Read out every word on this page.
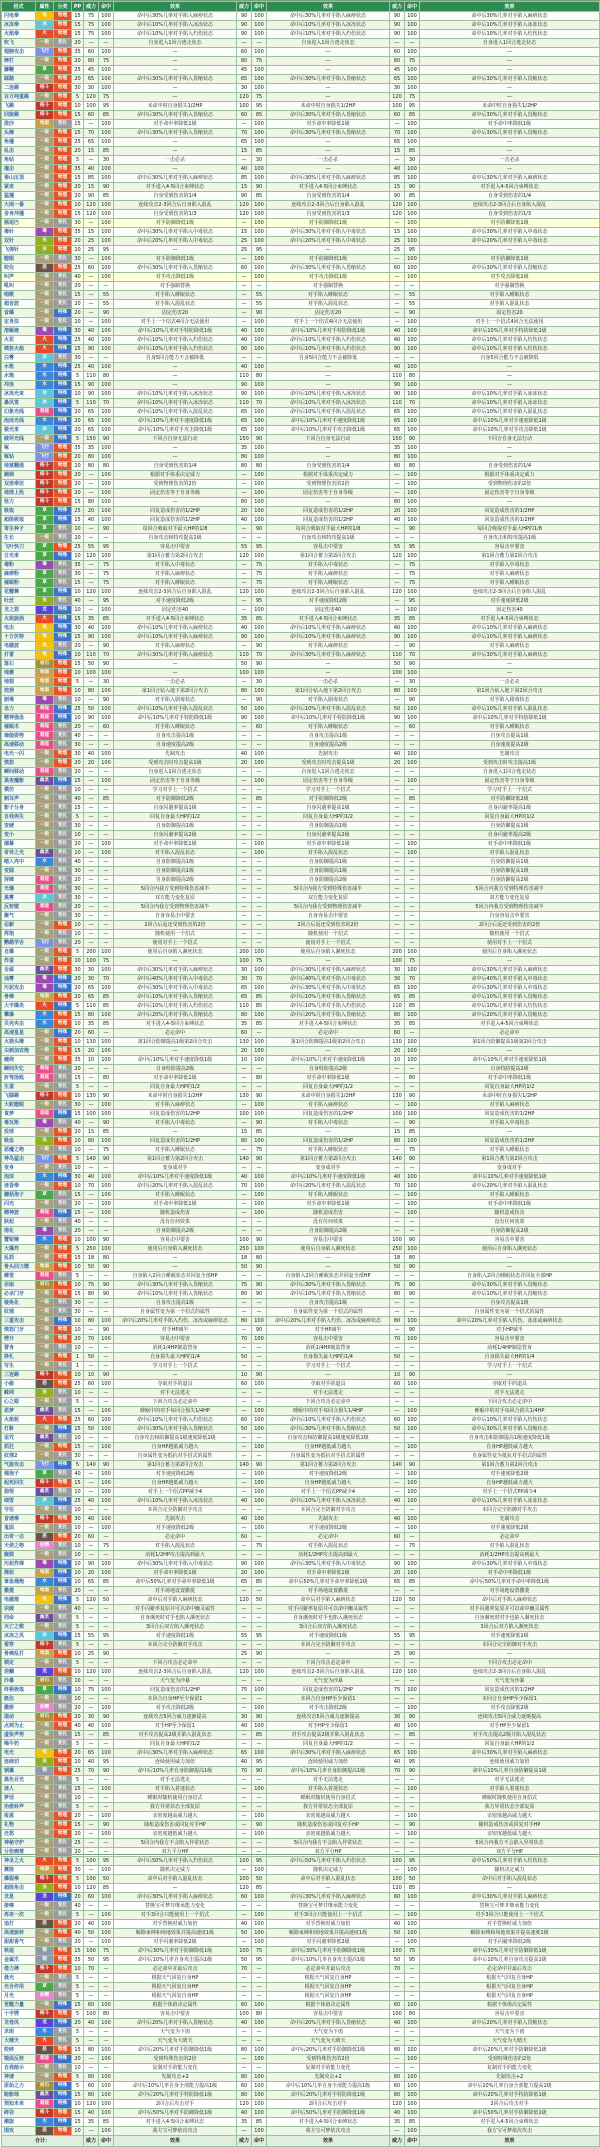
招式	属性	分类	PP	威力	命中	效果	威力	命中	效果	威力	命中	效果
闪电拳	电	物理	15	75	100	命中后30%几率对手陷入麻痹状态	90	100	命中后30%几率对手陷入麻痹状态	90	100	命中后30%几率对手陷入麻痹状态
冰冻拳	冰	物理	15	75	100	命中后10%几率对手陷入冰冻状态	90	100	命中后10%几率对手陷入冰冻状态	90	100	命中后10%几率对手陷入冰冻状态
火焰拳	火	物理	15	75	100	命中后10%几率对手陷入灼伤状态	90	100	命中后10%几率对手陷入灼伤状态	90	100	命中后10%几率对手陷入灼伤状态
吹飞	一般	变化	20	—	—	自身进入1回合逃走状态	—	—	自身进入1回合逃走状态	—	—	自身进入1回合逃走状态
翅膀攻击	飞行	物理	35	60	100	—	60	100	—	60	100	—
摔打	一般	物理	20	80	75	—	80	75	—	80	75	—
藤鞭	草	物理	25	45	100	—	45	100	—	45	100	—
踩踏	一般	物理	20	65	100	命中后30%几率对手陷入畏缩状态	65	100	命中后30%几率对手陷入畏缩状态	65	100	命中后30%几率对手陷入畏缩状态
二连踢	格斗	物理	30	30	100	—	30	100	—	30	100	—
百万吨重踢	一般	物理	5	120	75	—	120	75	—	120	75	—
飞踢	格斗	物理	10	100	95	未命中时自身损失1/2HP	100	95	未命中时自身损失1/2HP	100	95	未命中时自身损失1/2HP
回旋踢	格斗	物理	15	60	85	命中后30%几率对手陷入畏缩状态	60	85	命中后30%几率对手陷入畏缩状态	60	85	命中后30%几率对手陷入畏缩状态
泼沙	地面	变化	15	—	100	对手命中率降低1级	—	100	对手命中率降低1级	—	100	对手命中率降低1级
头锤	一般	物理	15	70	100	命中后30%几率对手陷入畏缩状态	70	100	命中后30%几率对手陷入畏缩状态	70	100	命中后30%几率对手陷入畏缩状态
角撞	一般	物理	25	65	100	—	65	100	—	65	100	—
乱击	一般	物理	20	15	85	—	15	85	—	15	85	—
角钻	一般	物理	5	—	30	一击必杀	—	30	一击必杀	—	30	一击必杀
撞击	一般	物理	35	40	100	—	40	100	—	40	100	—
泰山压顶	一般	物理	15	85	100	命中后30%几率对手陷入麻痹状态	85	100	命中后30%几率对手陷入麻痹状态	85	100	命中后30%几率对手陷入麻痹状态
紧束	一般	物理	20	15	90	对手进入4-5回合束缚状态	15	90	对手进入4-5回合束缚状态	15	90	对手进入4-5回合束缚状态
猛撞	一般	物理	20	90	85	自身受到伤害的1/4	90	85	自身受到伤害的1/4	90	85	自身受到伤害的1/4
大闹一番	一般	物理	10	120	100	连续攻击2-3回合后自身陷入混乱	120	100	连续攻击2-3回合后自身陷入混乱	120	100	连续攻击2-3回合后自身陷入混乱
舍身冲撞	一般	物理	15	120	100	自身受到伤害的1/3	120	100	自身受到伤害的1/3	120	100	自身受到伤害的1/3
摇尾巴	一般	变化	30	—	100	对手防御降低1级	—	100	对手防御降低1级	—	100	对手防御降低1级
毒针	毒	物理	35	15	100	命中后30%几率对手陷入中毒状态	15	100	命中后30%几率对手陷入中毒状态	15	100	命中后30%几率对手陷入中毒状态
双针	虫	物理	20	25	100	命中后20%几率对手陷入中毒状态	25	100	命中后20%几率对手陷入中毒状态	25	100	命中后20%几率对手陷入中毒状态
飞弹针	虫	物理	20	25	95	—	25	95	—	25	95	—
瞪眼	一般	变化	30	—	100	对手防御降低1级	—	100	对手防御降低1级	—	100	对手防御降低1级
咬住	恶	物理	25	60	100	命中后30%几率对手陷入畏缩状态	60	100	命中后30%几率对手陷入畏缩状态	60	100	命中后30%几率对手陷入畏缩状态
叫声	一般	变化	40	—	100	对手攻击降低1级	—	100	对手攻击降低1级	—	100	对手攻击降低1级
吼叫	一般	变化	20	—	—	对手强制替换	—	—	对手强制替换	—	—	对手强制替换
唱歌	一般	变化	15	—	55	对手陷入睡眠状态	—	55	对手陷入睡眠状态	—	55	对手陷入睡眠状态
超音波	一般	变化	20	—	55	对手陷入混乱状态	—	55	对手陷入混乱状态	—	55	对手陷入混乱状态
音爆	一般	特殊	20	—	90	固定伤害20	—	90	固定伤害20	—	90	固定伤害20
定身法	一般	变化	20	—	100	对手上一个招式4回合无法使用	—	100	对手上一个招式4回合无法使用	—	100	对手上一个招式4回合无法使用
溶解液	毒	特殊	30	40	100	命中后10%几率对手特防降低1级	40	100	命中后10%几率对手特防降低1级	40	100	命中后10%几率对手特防降低1级
火花	火	特殊	25	40	100	命中后10%几率对手陷入灼伤状态	40	100	命中后10%几率对手陷入灼伤状态	40	100	命中后10%几率对手陷入灼伤状态
喷射火焰	火	特殊	15	90	100	命中后10%几率对手陷入灼伤状态	90	100	命中后10%几率对手陷入灼伤状态	90	100	命中后10%几率对手陷入灼伤状态
白雾	冰	变化	30	—	—	自身5回合能力不会被降低	—	—	自身5回合能力不会被降低	—	—	自身5回合能力不会被降低
水枪	水	特殊	25	40	100	—	40	100	—	40	100	—
水炮	水	特殊	5	110	80	—	110	80	—	110	80	—
冲浪	水	特殊	15	90	100	—	90	100	—	90	100	—
冰冻光束	冰	特殊	10	90	100	命中后10%几率对手陷入冰冻状态	90	100	命中后10%几率对手陷入冰冻状态	90	100	命中后10%几率对手陷入冰冻状态
暴风雪	冰	特殊	5	110	70	命中后10%几率对手陷入冰冻状态	110	70	命中后10%几率对手陷入冰冻状态	110	70	命中后10%几率对手陷入冰冻状态
幻象光线	超能	特殊	20	65	100	命中后10%几率对手陷入混乱状态	65	100	命中后10%几率对手陷入混乱状态	65	100	命中后10%几率对手陷入混乱状态
泡沫光线	水	特殊	20	65	100	命中后10%几率对手速度降低1级	65	100	命中后10%几率对手速度降低1级	65	100	命中后10%几率对手速度降低1级
极光束	冰	特殊	20	65	100	命中后10%几率对手攻击降低1级	65	100	命中后10%几率对手攻击降低1级	65	100	命中后10%几率对手攻击降低1级
破坏光线	一般	特殊	5	150	90	下回合自身无法行动	150	90	下回合自身无法行动	150	90	下回合自身无法行动
啄	飞行	物理	35	35	100	—	35	100	—	35	100	—
啄钻	飞行	物理	20	80	100	—	80	100	—	80	100	—
地狱翻滚	格斗	物理	20	80	80	自身受到伤害的1/4	80	80	自身受到伤害的1/4	80	80	自身受到伤害的1/4
踢倒	格斗	物理	20	—	100	根据对手体重决定威力	—	100	根据对手体重决定威力	—	100	根据对手体重决定威力
双倍奉还	格斗	物理	20	—	100	受到物理伤害的2倍	—	100	受到物理伤害的2倍	—	100	受到物理伤害的2倍
地球上投	格斗	物理	20	—	100	固定伤害等于自身等级	—	100	固定伤害等于自身等级	—	100	固定伤害等于自身等级
怪力	格斗	物理	15	80	100	—	80	100	—	80	100	—
吸取	草	特殊	25	20	100	回复造成伤害的1/2HP	20	100	回复造成伤害的1/2HP	20	100	回复造成伤害的1/2HP
超级吸取	草	特殊	15	40	100	回复造成伤害的1/2HP	40	100	回复造成伤害的1/2HP	40	100	回复造成伤害的1/2HP
寄生种子	草	变化	10	—	90	每回合吸取对手最大HP的1/8	—	90	每回合吸取对手最大HP的1/8	—	90	每回合吸取对手最大HP的1/8
生长	一般	变化	20	—	—	自身攻击和特攻提高1级	—	—	自身攻击和特攻提高1级	—	—	自身攻击和特攻提高1级
飞叶快刀	草	物理	25	55	95	容易击中要害	55	95	容易击中要害	55	95	容易击中要害
日光束	草	特殊	10	120	100	第1回合蓄力第2回合攻击	120	100	第1回合蓄力第2回合攻击	120	100	第1回合蓄力第2回合攻击
毒粉	毒	变化	35	—	75	对手陷入中毒状态	—	75	对手陷入中毒状态	—	75	对手陷入中毒状态
麻痹粉	草	变化	30	—	75	对手陷入麻痹状态	—	75	对手陷入麻痹状态	—	75	对手陷入麻痹状态
催眠粉	草	变化	15	—	75	对手陷入睡眠状态	—	75	对手陷入睡眠状态	—	75	对手陷入睡眠状态
花瓣舞	草	特殊	10	120	100	连续攻击2-3回合后自身陷入混乱	120	100	连续攻击2-3回合后自身陷入混乱	120	100	连续攻击2-3回合后自身陷入混乱
吐丝	虫	变化	40	—	95	对手速度降低2级	—	95	对手速度降低2级	—	95	对手速度降低2级
龙之怒	龙	特殊	10	—	100	固定伤害40	—	100	固定伤害40	—	100	固定伤害40
火焰旋涡	火	特殊	15	35	85	对手进入4-5回合束缚状态	35	85	对手进入4-5回合束缚状态	35	85	对手进入4-5回合束缚状态
电击	电	特殊	30	40	100	命中后10%几率对手陷入麻痹状态	40	100	命中后10%几率对手陷入麻痹状态	40	100	命中后10%几率对手陷入麻痹状态
十万伏特	电	特殊	15	90	100	命中后10%几率对手陷入麻痹状态	90	100	命中后10%几率对手陷入麻痹状态	90	100	命中后10%几率对手陷入麻痹状态
电磁波	电	变化	20	—	90	对手陷入麻痹状态	—	90	对手陷入麻痹状态	—	90	对手陷入麻痹状态
打雷	电	特殊	10	110	70	命中后30%几率对手陷入麻痹状态	110	70	命中后30%几率对手陷入麻痹状态	110	70	命中后30%几率对手陷入麻痹状态
落石	岩石	物理	15	50	90	—	50	90	—	50	90	—
地震	地面	物理	10	100	100	—	100	100	—	100	100	—
地裂	地面	物理	5	—	30	一击必杀	—	30	一击必杀	—	30	一击必杀
挖洞	地面	物理	10	80	100	第1回合钻入地下第2回合攻击	80	100	第1回合钻入地下第2回合攻击	80	100	第1回合钻入地下第2回合攻击
剧毒	毒	变化	10	—	90	对手陷入剧毒状态	—	90	对手陷入剧毒状态	—	90	对手陷入剧毒状态
念力	超能	特殊	25	50	100	命中后10%几率对手陷入混乱状态	50	100	命中后10%几率对手陷入混乱状态	50	100	命中后10%几率对手陷入混乱状态
精神强念	超能	特殊	10	90	100	命中后10%几率对手特防降低1级	90	100	命中后10%几率对手特防降低1级	90	100	命中后10%几率对手特防降低1级
催眠术	超能	变化	20	—	60	对手陷入睡眠状态	—	60	对手陷入睡眠状态	—	60	对手陷入睡眠状态
瑜伽姿势	超能	变化	40	—	—	自身攻击提高1级	—	—	自身攻击提高1级	—	—	自身攻击提高1级
高速移动	超能	变化	30	—	—	自身速度提高2级	—	—	自身速度提高2级	—	—	自身速度提高2级
电光一闪	一般	物理	30	40	100	先制攻击	40	100	先制攻击	40	100	先制攻击
愤怒	一般	物理	20	20	100	受到攻击时攻击提高1级	20	100	受到攻击时攻击提高1级	20	100	受到攻击时攻击提高1级
瞬间移动	超能	变化	20	—	—	自身进入1回合逃走状态	—	—	自身进入1回合逃走状态	—	—	自身进入1回合逃走状态
黑夜魔影	幽灵	特殊	15	—	100	固定伤害等于自身等级	—	100	固定伤害等于自身等级	—	100	固定伤害等于自身等级
模仿	一般	变化	10	—	—	学习对手上一个招式	—	—	学习对手上一个招式	—	—	学习对手上一个招式
刺耳声	一般	变化	40	—	85	对手防御降低2级	—	85	对手防御降低2级	—	85	对手防御降低2级
影子分身	一般	变化	15	—	—	自身闪避率提高1级	—	—	自身闪避率提高1级	—	—	自身闪避率提高1级
自我再生	一般	变化	5	—	—	回复自身最大HP的1/2	—	—	回复自身最大HP的1/2	—	—	回复自身最大HP的1/2
变硬	一般	变化	30	—	—	自身防御提高1级	—	—	自身防御提高1级	—	—	自身防御提高1级
变小	一般	变化	10	—	—	自身闪避率提高2级	—	—	自身闪避率提高2级	—	—	自身闪避率提高2级
烟幕	一般	变化	20	—	100	对手命中率降低1级	—	100	对手命中率降低1级	—	100	对手命中率降低1级
奇异之光	幽灵	变化	10	—	100	对手陷入混乱状态	—	100	对手陷入混乱状态	—	100	对手陷入混乱状态
缩入壳中	水	变化	40	—	—	自身防御提高1级	—	—	自身防御提高1级	—	—	自身防御提高1级
变圆	一般	变化	30	—	—	自身防御提高1级	—	—	自身防御提高1级	—	—	自身防御提高1级
屏障	超能	变化	20	—	—	自身防御提高2级	—	—	自身防御提高2级	—	—	自身防御提高2级
光墙	超能	变化	30	—	—	5回合内我方受到特殊伤害减半	—	—	5回合内我方受到特殊伤害减半	—	—	5回合内我方受到特殊伤害减半
黑雾	冰	变化	30	—	—	双方能力变化复原	—	—	双方能力变化复原	—	—	双方能力变化复原
反射壁	超能	变化	20	—	—	5回合内我方受到物理伤害减半	—	—	5回合内我方受到物理伤害减半	—	—	5回合内我方受到物理伤害减半
聚气	一般	变化	30	—	—	自身容易击中要害	—	—	自身容易击中要害	—	—	自身容易击中要害
忍耐	一般	物理	10	—	—	2回合后返还受到伤害的2倍	—	—	2回合后返还受到伤害的2倍	—	—	2回合后返还受到伤害的2倍
挥指	一般	变化	10	—	—	随机使用一个招式	—	—	随机使用一个招式	—	—	随机使用一个招式
鹦鹉学舌	飞行	变化	20	—	—	使用对手上一个招式	—	—	使用对手上一个招式	—	—	使用对手上一个招式
自爆	一般	物理	5	200	100	使用后自身陷入濒死状态	200	100	使用后自身陷入濒死状态	200	100	使用后自身陷入濒死状态
炸蛋	一般	物理	10	100	75	—	100	75	—	100	75	—
舌舔	幽灵	物理	30	30	100	命中后30%几率对手陷入麻痹状态	30	100	命中后30%几率对手陷入麻痹状态	30	100	命中后30%几率对手陷入麻痹状态
浊雾	毒	特殊	20	30	70	命中后40%几率对手陷入中毒状态	30	70	命中后40%几率对手陷入中毒状态	30	70	命中后40%几率对手陷入中毒状态
污泥攻击	毒	特殊	20	65	100	命中后30%几率对手陷入中毒状态	65	100	命中后30%几率对手陷入中毒状态	65	100	命中后30%几率对手陷入中毒状态
骨棒	地面	物理	20	65	85	命中后10%几率对手陷入畏缩状态	65	85	命中后10%几率对手陷入畏缩状态	65	85	命中后10%几率对手陷入畏缩状态
大字爆炎	火	特殊	5	110	85	命中后10%几率对手陷入灼伤状态	110	85	命中后10%几率对手陷入灼伤状态	110	85	命中后10%几率对手陷入灼伤状态
攀瀑	水	物理	15	80	100	命中后20%几率对手陷入畏缩状态	80	100	命中后20%几率对手陷入畏缩状态	80	100	命中后20%几率对手陷入畏缩状态
贝壳夹击	水	物理	10	35	85	对手进入4-5回合束缚状态	35	85	对手进入4-5回合束缚状态	35	85	对手进入4-5回合束缚状态
高速星星	一般	特殊	20	60	—	必定命中	60	—	必定命中	60	—	必定命中
火箭头锤	一般	物理	10	130	100	第1回合防御提高1级第2回合攻击	130	100	第1回合防御提高1级第2回合攻击	130	100	第1回合防御提高1级第2回合攻击
尖刺加农炮	一般	物理	15	20	100	—	20	100	—	20	100	—
缠绕	一般	物理	35	10	100	命中后10%几率对手速度降低1级	10	100	命中后10%几率对手速度降低1级	10	100	命中后10%几率对手速度降低1级
瞬间失忆	超能	变化	20	—	—	自身特防提高2级	—	—	自身特防提高2级	—	—	自身特防提高2级
折弯汤匙	超能	变化	15	—	80	对手命中率降低1级	—	80	对手命中率降低1级	—	80	对手命中率降低1级
生蛋	一般	变化	5	—	—	回复自身最大HP的1/2	—	—	回复自身最大HP的1/2	—	—	回复自身最大HP的1/2
飞膝踢	格斗	物理	10	130	90	未命中时自身损失1/2HP	130	90	未命中时自身损失1/2HP	130	90	未命中时自身损失1/2HP
大蛇瞪眼	一般	变化	30	—	100	对手陷入麻痹状态	—	100	对手陷入麻痹状态	—	100	对手陷入麻痹状态
食梦	超能	特殊	15	100	100	回复造成伤害的1/2HP	100	100	回复造成伤害的1/2HP	100	100	回复造成伤害的1/2HP
毒瓦斯	毒	变化	40	—	90	对手陷入中毒状态	—	90	对手陷入中毒状态	—	90	对手陷入中毒状态
投球	一般	物理	20	15	85	—	15	85	—	15	85	—
吸血	虫	物理	10	80	100	回复造成伤害的1/2HP	80	100	回复造成伤害的1/2HP	80	100	回复造成伤害的1/2HP
恶魔之吻	一般	变化	10	—	75	对手陷入睡眠状态	—	75	对手陷入睡眠状态	—	75	对手陷入睡眠状态
神鸟猛击	飞行	物理	5	140	90	第1回合蓄力第2回合攻击	140	90	第1回合蓄力第2回合攻击	140	90	第1回合蓄力第2回合攻击
变身	一般	变化	10	—	—	变身成对手	—	—	变身成对手	—	—	变身成对手
泡沫	水	特殊	30	40	100	命中后10%几率对手速度降低1级	40	100	命中后10%几率对手速度降低1级	40	100	命中后10%几率对手速度降低1级
迷昏拳	一般	物理	10	70	100	命中后20%几率对手陷入混乱状态	70	100	命中后20%几率对手陷入混乱状态	70	100	命中后20%几率对手陷入混乱状态
蘑菇孢子	草	变化	15	—	100	对手陷入睡眠状态	—	100	对手陷入睡眠状态	—	100	对手陷入睡眠状态
闪光	一般	变化	20	—	100	对手命中率降低1级	—	100	对手命中率降低1级	—	100	对手命中率降低1级
精神波	超能	特殊	15	—	100	随机造成伤害	—	100	随机造成伤害	—	100	随机造成伤害
跃起	一般	变化	40	—	—	没有任何效果	—	—	没有任何效果	—	—	没有任何效果
溶化	毒	变化	20	—	—	自身防御提高2级	—	—	自身防御提高2级	—	—	自身防御提高2级
蟹钳锤	水	物理	10	100	90	容易击中要害	100	90	容易击中要害	100	90	容易击中要害
大爆炸	一般	物理	5	250	100	使用后自身陷入濒死状态	250	100	使用后自身陷入濒死状态	250	100	使用后自身陷入濒死状态
乱抓	一般	物理	15	18	80	—	18	80	—	18	80	—
骨头回力镖	地面	物理	10	50	90	—	50	90	—	50	90	—
睡觉	超能	变化	5	—	—	自身陷入2回合睡眠状态并回复全部HP	—	—	自身陷入2回合睡眠状态并回复全部HP	—	—	自身陷入2回合睡眠状态并回复全部HP
岩崩	岩石	物理	10	75	90	命中后30%几率对手陷入畏缩状态	75	90	命中后30%几率对手陷入畏缩状态	75	90	命中后30%几率对手陷入畏缩状态
必杀门牙	一般	物理	15	80	90	命中后10%几率对手陷入畏缩状态	80	90	命中后10%几率对手陷入畏缩状态	80	90	命中后10%几率对手陷入畏缩状态
棱角化	一般	变化	30	—	—	自身攻击提高1级	—	—	自身攻击提高1级	—	—	自身攻击提高1级
纹理	一般	变化	30	—	—	自身属性变为第一个招式的属性	—	—	自身属性变为第一个招式的属性	—	—	自身属性变为第一个招式的属性
三重攻击	一般	特殊	10	80	100	命中后20%几率对手陷入灼伤、冰冻或麻痹状态	80	100	命中后20%几率对手陷入灼伤、冰冻或麻痹状态	80	100	命中后20%几率对手陷入灼伤、冰冻或麻痹状态
愤怒门牙	一般	物理	10	—	90	对手HP减半	—	90	对手HP减半	—	90	对手HP减半
劈开	一般	物理	20	70	100	容易击中要害	70	100	容易击中要害	70	100	容易击中要害
替身	一般	变化	10	—	—	消耗1/4HP制造替身	—	—	消耗1/4HP制造替身	—	—	消耗1/4HP制造替身
挣扎	一般	物理	1	50	—	自身损失最大HP的1/4	50	—	自身损失最大HP的1/4	50	—	自身损失最大HP的1/4
写生	一般	变化	1	—	—	学习对手上一个招式	—	—	学习对手上一个招式	—	—	学习对手上一个招式
三连踢	格斗	物理	10	10	90	—	10	90	—	10	90	—
小偷	恶	物理	25	60	100	夺取对手的道具	60	100	夺取对手的道具	60	100	夺取对手的道具
蛛网	虫	变化	10	—	—	对手无法逃走	—	—	对手无法逃走	—	—	对手无法逃走
心之眼	一般	变化	5	—	—	下回合攻击必定命中	—	—	下回合攻击必定命中	—	—	下回合攻击必定命中
恶梦	幽灵	变化	15	—	100	睡眠中的对手每回合损失1/4HP	—	100	睡眠中的对手每回合损失1/4HP	—	100	睡眠中的对手每回合损失1/4HP
火焰轮	火	物理	25	60	100	命中后10%几率对手陷入灼伤状态	60	100	命中后10%几率对手陷入灼伤状态	60	100	命中后10%几率对手陷入灼伤状态
打鼾	一般	特殊	15	50	100	命中后30%几率对手陷入畏缩状态	50	100	命中后30%几率对手陷入畏缩状态	50	100	命中后30%几率对手陷入畏缩状态
诅咒	幽灵	变化	10	—	—	自身攻击和防御提高1级速度降低1级	—	—	自身攻击和防御提高1级速度降低1级	—	—	自身攻击和防御提高1级速度降低1级
抓狂	一般	物理	15	—	100	自身HP越低威力越大	—	100	自身HP越低威力越大	—	100	自身HP越低威力越大
纹理2	一般	变化	30	—	—	自身属性变为抵抗对手招式的属性	—	—	自身属性变为抵抗对手招式的属性	—	—	自身属性变为抵抗对手招式的属性
气旋攻击	飞行	特殊	5	140	90	第1回合蓄力第2回合攻击	140	90	第1回合蓄力第2回合攻击	140	90	第1回合蓄力第2回合攻击
棉孢子	草	变化	40	—	100	对手速度降低2级	—	100	对手速度降低2级	—	100	对手速度降低2级
起死回生	格斗	物理	15	—	100	自身HP越低威力越大	—	100	自身HP越低威力越大	—	100	自身HP越低威力越大
怨恨	幽灵	变化	10	—	100	对手上一个招式PP减少4	—	100	对手上一个招式PP减少4	—	100	对手上一个招式PP减少4
细雪	冰	特殊	25	40	100	命中后10%几率对手陷入冰冻状态	40	100	命中后10%几率对手陷入冰冻状态	40	100	命中后10%几率对手陷入冰冻状态
守住	一般	变化	10	—	—	本回合完全防御对手攻击	—	—	本回合完全防御对手攻击	—	—	本回合完全防御对手攻击
音速拳	格斗	物理	30	40	100	先制攻击	40	100	先制攻击	40	100	先制攻击
鬼面	一般	变化	10	—	100	对手速度降低2级	—	100	对手速度降低2级	—	100	对手速度降低2级
出奇一击	恶	物理	20	60	—	必定命中	60	—	必定命中	60	—	必定命中
天使之吻	妖精	变化	10	—	75	对手陷入混乱状态	—	75	对手陷入混乱状态	—	75	对手陷入混乱状态
腹鼓	一般	变化	10	—	—	消耗1/2HP攻击提高到最大	—	—	消耗1/2HP攻击提高到最大	—	—	消耗1/2HP攻击提高到最大
污泥炸弹	毒	特殊	10	90	100	命中后30%几率对手陷入中毒状态	90	100	命中后30%几率对手陷入中毒状态	90	100	命中后30%几率对手陷入中毒状态
掷泥	地面	特殊	10	20	100	对手命中率降低1级	20	100	对手命中率降低1级	20	100	对手命中率降低1级
章鱼桶炮	水	特殊	10	65	85	命中后50%几率对手命中率降低1级	65	85	命中后50%几率对手命中率降低1级	65	85	命中后50%几率对手命中率降低1级
撒菱	地面	变化	20	—	—	对手场地设置撒菱	—	—	对手场地设置撒菱	—	—	对手场地设置撒菱
电磁炮	电	特殊	5	120	50	命中后对手陷入麻痹状态	120	50	命中后对手陷入麻痹状态	120	50	命中后对手陷入麻痹状态
识破	一般	变化	40	—	—	对手闪避率复原并可以命中幽灵属性	—	—	对手闪避率复原并可以命中幽灵属性	—	—	对手闪避率复原并可以命中幽灵属性
同命	幽灵	变化	5	—	—	自身濒死时对手也陷入濒死状态	—	—	自身濒死时对手也陷入濒死状态	—	—	自身濒死时对手也陷入濒死状态
灭亡之歌	一般	变化	5	—	—	3回合后双方陷入濒死状态	—	—	3回合后双方陷入濒死状态	—	—	3回合后双方陷入濒死状态
冰冻之风	冰	特殊	15	55	95	对手速度降低1级	55	95	对手速度降低1级	55	95	对手速度降低1级
看穿	格斗	变化	5	—	—	本回合完全防御对手攻击	—	—	本回合完全防御对手攻击	—	—	本回合完全防御对手攻击
骨棒乱打	地面	物理	10	25	90	—	25	90	—	25	90	—
锁定	一般	变化	5	—	—	下回合攻击必定命中	—	—	下回合攻击必定命中	—	—	下回合攻击必定命中
逆鳞	龙	物理	10	120	100	连续攻击2-3回合后自身陷入混乱	120	100	连续攻击2-3回合后自身陷入混乱	120	100	连续攻击2-3回合后自身陷入混乱
沙暴	岩石	变化	10	—	—	天气变为沙暴	—	—	天气变为沙暴	—	—	天气变为沙暴
终极吸取	草	特殊	10	75	100	回复造成伤害的1/2HP	75	100	回复造成伤害的1/2HP	75	100	回复造成伤害的1/2HP
挺住	一般	变化	10	—	—	本回合自身HP至少保留1	—	—	本回合自身HP至少保留1	—	—	本回合自身HP至少保留1
撒娇	妖精	变化	20	—	100	对手攻击降低2级	—	100	对手攻击降低2级	—	100	对手攻击降低2级
滚动	岩石	物理	20	30	90	连续攻击5回合威力逐渐提高	30	90	连续攻击5回合威力逐渐提高	30	90	连续攻击5回合威力逐渐提高
点到为止	一般	物理	40	40	100	对手HP至少保留1	40	100	对手HP至少保留1	40	100	对手HP至少保留1
虚张声势	一般	变化	15	—	85	对手攻击提高2级并陷入混乱状态	—	85	对手攻击提高2级并陷入混乱状态	—	85	对手攻击提高2级并陷入混乱状态
喝牛奶	一般	变化	5	—	—	回复自身最大HP的1/2	—	—	回复自身最大HP的1/2	—	—	回复自身最大HP的1/2
电光	电	物理	20	65	100	命中后30%几率对手陷入麻痹状态	65	100	命中后30%几率对手陷入麻痹状态	65	100	命中后30%几率对手陷入麻痹状态
连续切	虫	物理	20	40	95	连续使用威力加倍	40	95	连续使用威力加倍	40	95	连续使用威力加倍
钢翼	钢	物理	25	70	90	命中后10%几率自身防御提高1级	70	90	命中后10%几率自身防御提高1级	70	90	命中后10%几率自身防御提高1级
黑色目光	一般	变化	5	—	—	对手无法逃走	—	—	对手无法逃走	—	—	对手无法逃走
迷人	一般	变化	15	—	100	对手陷入着迷状态	—	100	对手陷入着迷状态	—	100	对手陷入着迷状态
梦话	一般	变化	10	—	—	睡眠时随机使用自身招式	—	—	睡眠时随机使用自身招式	—	—	睡眠时随机使用自身招式
治愈铃声	一般	变化	5	—	—	我方异常状态全部复原	—	—	我方异常状态全部复原	—	—	我方异常状态全部复原
报恩	一般	物理	20	—	100	亲密度越高威力越大	—	100	亲密度越高威力越大	—	100	亲密度越高威力越大
礼物	一般	物理	15	—	90	随机造成伤害或回复对手HP	—	90	随机造成伤害或回复对手HP	—	90	随机造成伤害或回复对手HP
迁怒	一般	物理	20	—	100	亲密度越低威力越大	—	100	亲密度越低威力越大	—	100	亲密度越低威力越大
神秘守护	一般	变化	25	—	—	5回合内我方不会陷入异常状态	—	—	5回合内我方不会陷入异常状态	—	—	5回合内我方不会陷入异常状态
分担痛楚	一般	变化	20	—	—	双方平分HP	—	—	双方平分HP	—	—	双方平分HP
神圣之火	火	物理	5	100	95	命中后50%几率对手陷入灼伤状态	100	95	命中后50%几率对手陷入灼伤状态	100	95	命中后50%几率对手陷入灼伤状态
震级	地面	物理	30	—	100	随机决定威力	—	100	随机决定威力	—	100	随机决定威力
爆裂拳	格斗	物理	5	100	50	命中后对手陷入混乱状态	100	50	命中后对手陷入混乱状态	100	50	命中后对手陷入混乱状态
超级角击	虫	物理	10	120	85	—	120	85	—	120	85	—
龙息	龙	特殊	20	60	100	命中后30%几率对手陷入麻痹状态	60	100	命中后30%几率对手陷入麻痹状态	60	100	命中后30%几率对手陷入麻痹状态
接棒	一般	变化	40	—	—	替换宝可梦并继承能力变化	—	—	替换宝可梦并继承能力变化	—	—	替换宝可梦并继承能力变化
再来一次	一般	变化	5	—	100	对手3回合只能使用上一个招式	—	100	对手3回合只能使用上一个招式	—	100	对手3回合只能使用上一个招式
追打	恶	物理	20	40	100	对手替换时威力加倍	40	100	对手替换时威力加倍	40	100	对手替换时威力加倍
高速旋转	一般	物理	40	50	100	解除束缚和场地效果并提高速度1级	50	100	解除束缚和场地效果并提高速度1级	50	100	解除束缚和场地效果并提高速度1级
甜甜香气	一般	变化	20	—	100	对手闪避率降低2级	—	100	对手闪避率降低2级	—	100	对手闪避率降低2级
铁尾	钢	物理	15	100	75	命中后30%几率对手防御降低1级	100	75	命中后30%几率对手防御降低1级	100	75	命中后30%几率对手防御降低1级
金属爪	钢	物理	35	50	95	命中后10%几率自身攻击提高1级	50	95	命中后10%几率自身攻击提高1级	50	95	命中后10%几率自身攻击提高1级
借力摔	格斗	物理	10	70	—	必定命中并最后攻击	70	—	必定命中并最后攻击	70	—	必定命中并最后攻击
晨光	一般	变化	5	—	—	根据天气回复自身HP	—	—	根据天气回复自身HP	—	—	根据天气回复自身HP
光合作用	草	变化	5	—	—	根据天气回复自身HP	—	—	根据天气回复自身HP	—	—	根据天气回复自身HP
月光	妖精	变化	5	—	—	根据天气回复自身HP	—	—	根据天气回复自身HP	—	—	根据天气回复自身HP
觉醒力量	一般	特殊	15	60	100	根据个体值决定属性	60	100	根据个体值决定属性	60	100	根据个体值决定属性
十字劈	格斗	物理	5	100	80	容易击中要害	100	80	容易击中要害	100	80	容易击中要害
龙卷风	龙	特殊	20	40	100	命中后20%几率对手陷入畏缩状态	40	100	命中后20%几率对手陷入畏缩状态	40	100	命中后20%几率对手陷入畏缩状态
求雨	水	变化	5	—	—	天气变为下雨	—	—	天气变为下雨	—	—	天气变为下雨
大晴天	火	变化	5	—	—	天气变为大晴天	—	—	天气变为大晴天	—	—	天气变为大晴天
咬碎	恶	物理	15	80	100	命中后20%几率对手防御降低1级	80	100	命中后20%几率对手防御降低1级	80	100	命中后20%几率对手防御降低1级
镜面反射	超能	特殊	20	—	100	受到特殊伤害的2倍	—	100	受到特殊伤害的2倍	—	100	受到特殊伤害的2倍
自我暗示	一般	变化	10	—	—	复制对手的能力变化	—	—	复制对手的能力变化	—	—	复制对手的能力变化
神速	一般	物理	5	80	100	先制攻击+2	80	100	先制攻击+2	80	100	先制攻击+2
原始之力	岩石	特殊	5	60	100	命中后10%几率自身全部能力提高1级	60	100	命中后10%几率自身全部能力提高1级	60	100	命中后10%几率自身全部能力提高1级
暗影球	幽灵	特殊	15	80	100	命中后20%几率对手特防降低1级	80	100	命中后20%几率对手特防降低1级	80	100	命中后20%几率对手特防降低1级
预知未来	超能	特殊	10	120	100	2回合后攻击对手	120	100	2回合后攻击对手	120	100	2回合后攻击对手
碎岩	格斗	物理	15	40	100	命中后50%几率对手防御降低1级	40	100	命中后50%几率对手防御降低1级	40	100	命中后50%几率对手防御降低1级
潮旋	水	特殊	15	35	85	对手进入4-5回合束缚状态	35	85	对手进入4-5回合束缚状态	35	85	对手进入4-5回合束缚状态
围攻	恶	物理	10	—	100	我方宝可梦依次攻击	—	100	我方宝可梦依次攻击	—	100	我方宝可梦依次攻击
合计：				威力	命中	效果	威力	命中	效果	威力	命中	效果
